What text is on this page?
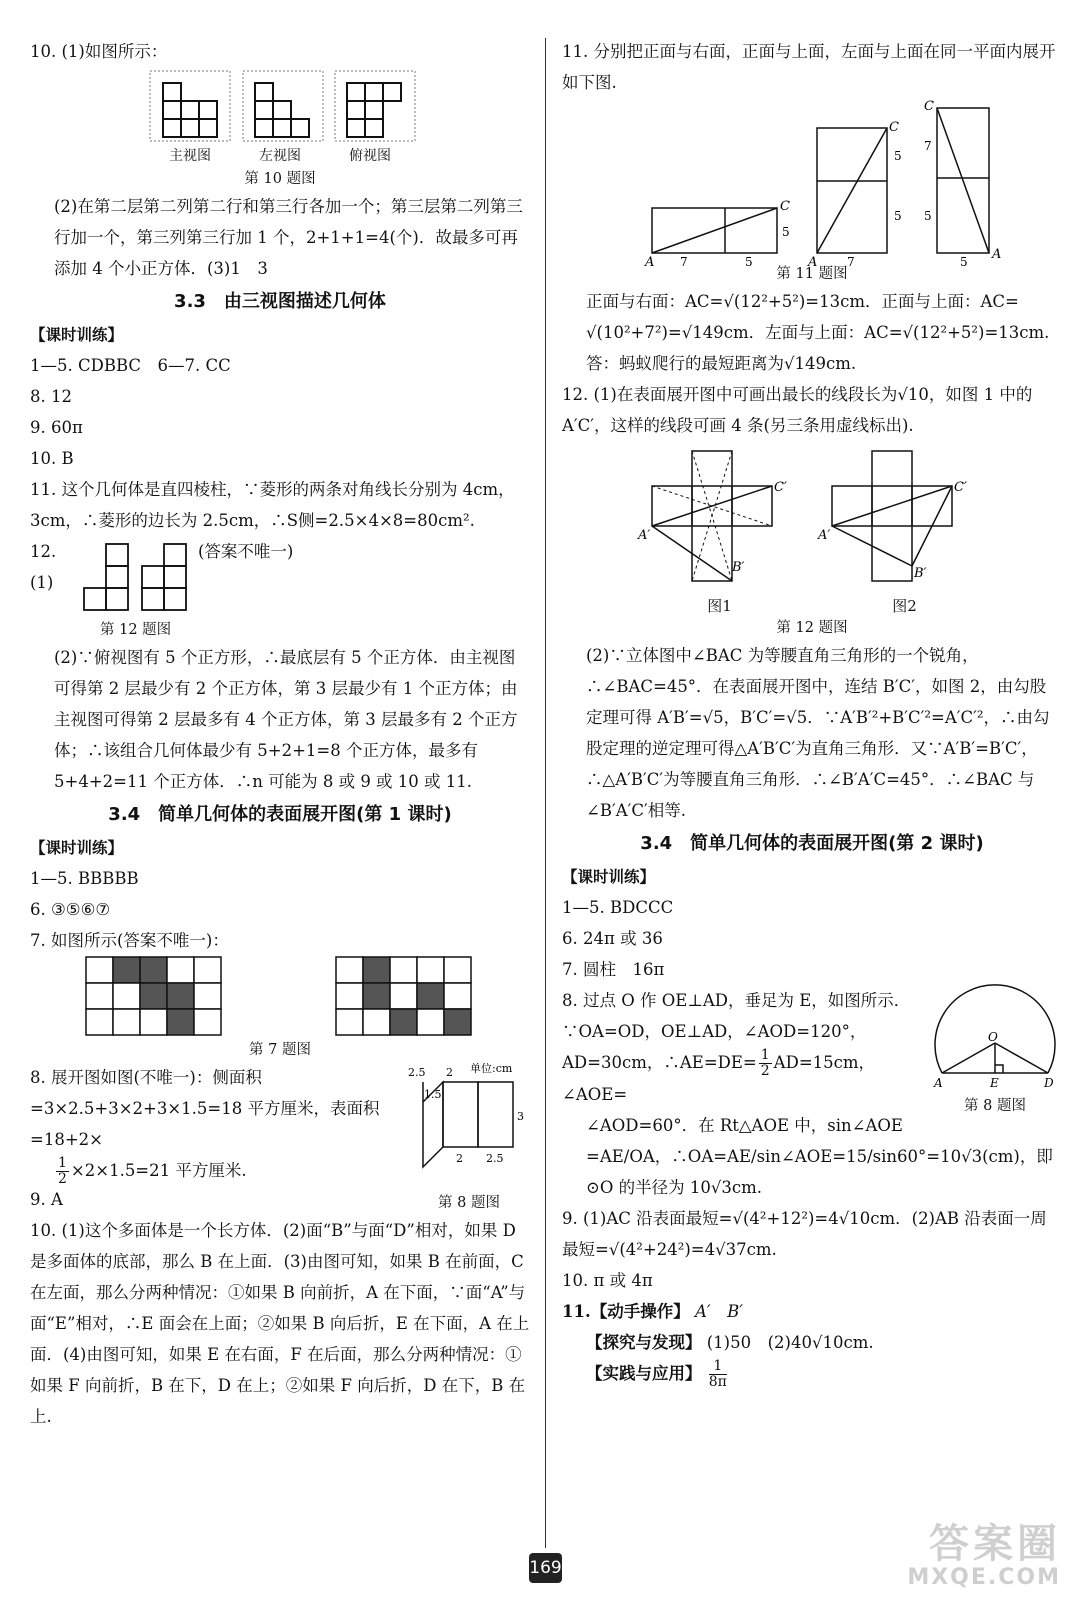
10. (1)如图所示：

主视图	左视图	俯视图

第 10 题图

(2)在第二层第二列第二行和第三行各加一个；第三层第二列第三行加一个，第三列第三行加 1 个，2+1+1=4(个)．故最多可再添加 4 个小正方体．(3)1　3

3.3　由三视图描述几何体

【课时训练】

1—5. CDBBC　6—7. CC

8. 12

9. 60π

10. B

11. 这个几何体是直四棱柱，∵菱形的两条对角线长分别为 4cm，3cm，∴菱形的边长为 2.5cm，∴S侧=2.5×4×8=80cm².

12. (1)
(答案不唯一)

第 12 题图

(2)∵俯视图有 5 个正方形，∴最底层有 5 个正方体．由主视图可得第 2 层最少有 2 个正方体，第 3 层最少有 1 个正方体；由主视图可得第 2 层最多有 4 个正方体，第 3 层最多有 2 个正方体；∴该组合几何体最少有 5+2+1=8 个正方体，最多有 5+4+2=11 个正方体．∴n 可能为 8 或 9 或 10 或 11.

3.4　简单几何体的表面展开图(第 1 课时)

【课时训练】

1—5. BBBBB

6. ③⑤⑥⑦

7. 如图所示(答案不唯一)：

第 7 题图

8. 展开图如图(不唯一)：侧面积=3×2.5+3×2+3×1.5=18 平方厘米，表面积=18+2×

$\frac{1}{2} \times 2\times 1.5=21$ 平方厘米.

2.5 2 单位:cm
1.5
3
2 2.5

第 8 题图

9. A

10. (1)这个多面体是一个长方体．(2)面“B”与面“D”相对，如果 D 是多面体的底部，那么 B 在上面．(3)由图可知，如果 B 在前面，C 在左面，那么分两种情况：①如果 B 向前折，A 在下面，∵面“A”与面“E”相对，∴E 面会在上面；②如果 B 向后折，E 在下面，A 在上面．(4)由图可知，如果 E 在右面，F 在后面，那么分两种情况：①如果 F 向前折，B 在下，D 在上；②如果 F 向后折，D 在下，B 在上.

11. 分别把正面与右面，正面与上面，左面与上面在同一平面内展开如下图.

C
5
A 7	5
C
5
5
A 7
C
7
5
5 A

第 11 题图

正面与右面：AC=√(12²+5²)=13cm．正面与上面：AC=

√(10²+7²)=√149cm．左面与上面：AC=√(12²+5²)=13cm.

答：蚂蚁爬行的最短距离为√149cm.

12. (1)在表面展开图中可画出最长的线段长为√10，如图 1 中的 A′C′，这样的线段可画 4 条(另三条用虚线标出).

A′
C′
B′
A′
C′
B′
图1	图2

第 12 题图

(2)∵立体图中∠BAC 为等腰直角三角形的一个锐角，∴∠BAC=45°．在表面展开图中，连结 B′C′，如图 2，由勾股定理可得 A′B′=√5，B′C′=√5．∵A′B′²+B′C′²=A′C′²，∴由勾股定理的逆定理可得△A′B′C′为直角三角形．又∵A′B′=B′C′，∴△A′B′C′为等腰直角三角形．∴∠B′A′C=45°．∴∠BAC 与∠B′A′C′相等.

3.4　简单几何体的表面展开图(第 2 课时)

【课时训练】

1—5. BDCCC

6. 24π 或 36

7. 圆柱　16π

8. 过点 O 作 OE⊥AD，垂足为 E，如图所示．∵OA=OD，OE⊥AD，∠AOD=120°，AD=30cm，∴AE=DE= $\frac{1}{2} AD=15cm$，∠AOE=

∠AOD=60°．在 Rt△AOE 中，sin∠AOE

O
A	E	D

第 8 题图

=AE/OA，∴OA=AE/sin∠AOE=15/sin60°=10√3(cm)，即⊙O 的半径为 10√3cm.

9. (1)AC 沿表面最短=√(4²+12²)=4√10cm．(2)AB 沿表面一周最短=√(4²+24²)=4√37cm.

10. π 或 4π

11.【动手操作】 A′　B′

【探究与发现】 (1)50　(2)40√10cm.

【实践与应用】 $\frac{1}{8\pi}$

169
答案圈
MXQE.COM
